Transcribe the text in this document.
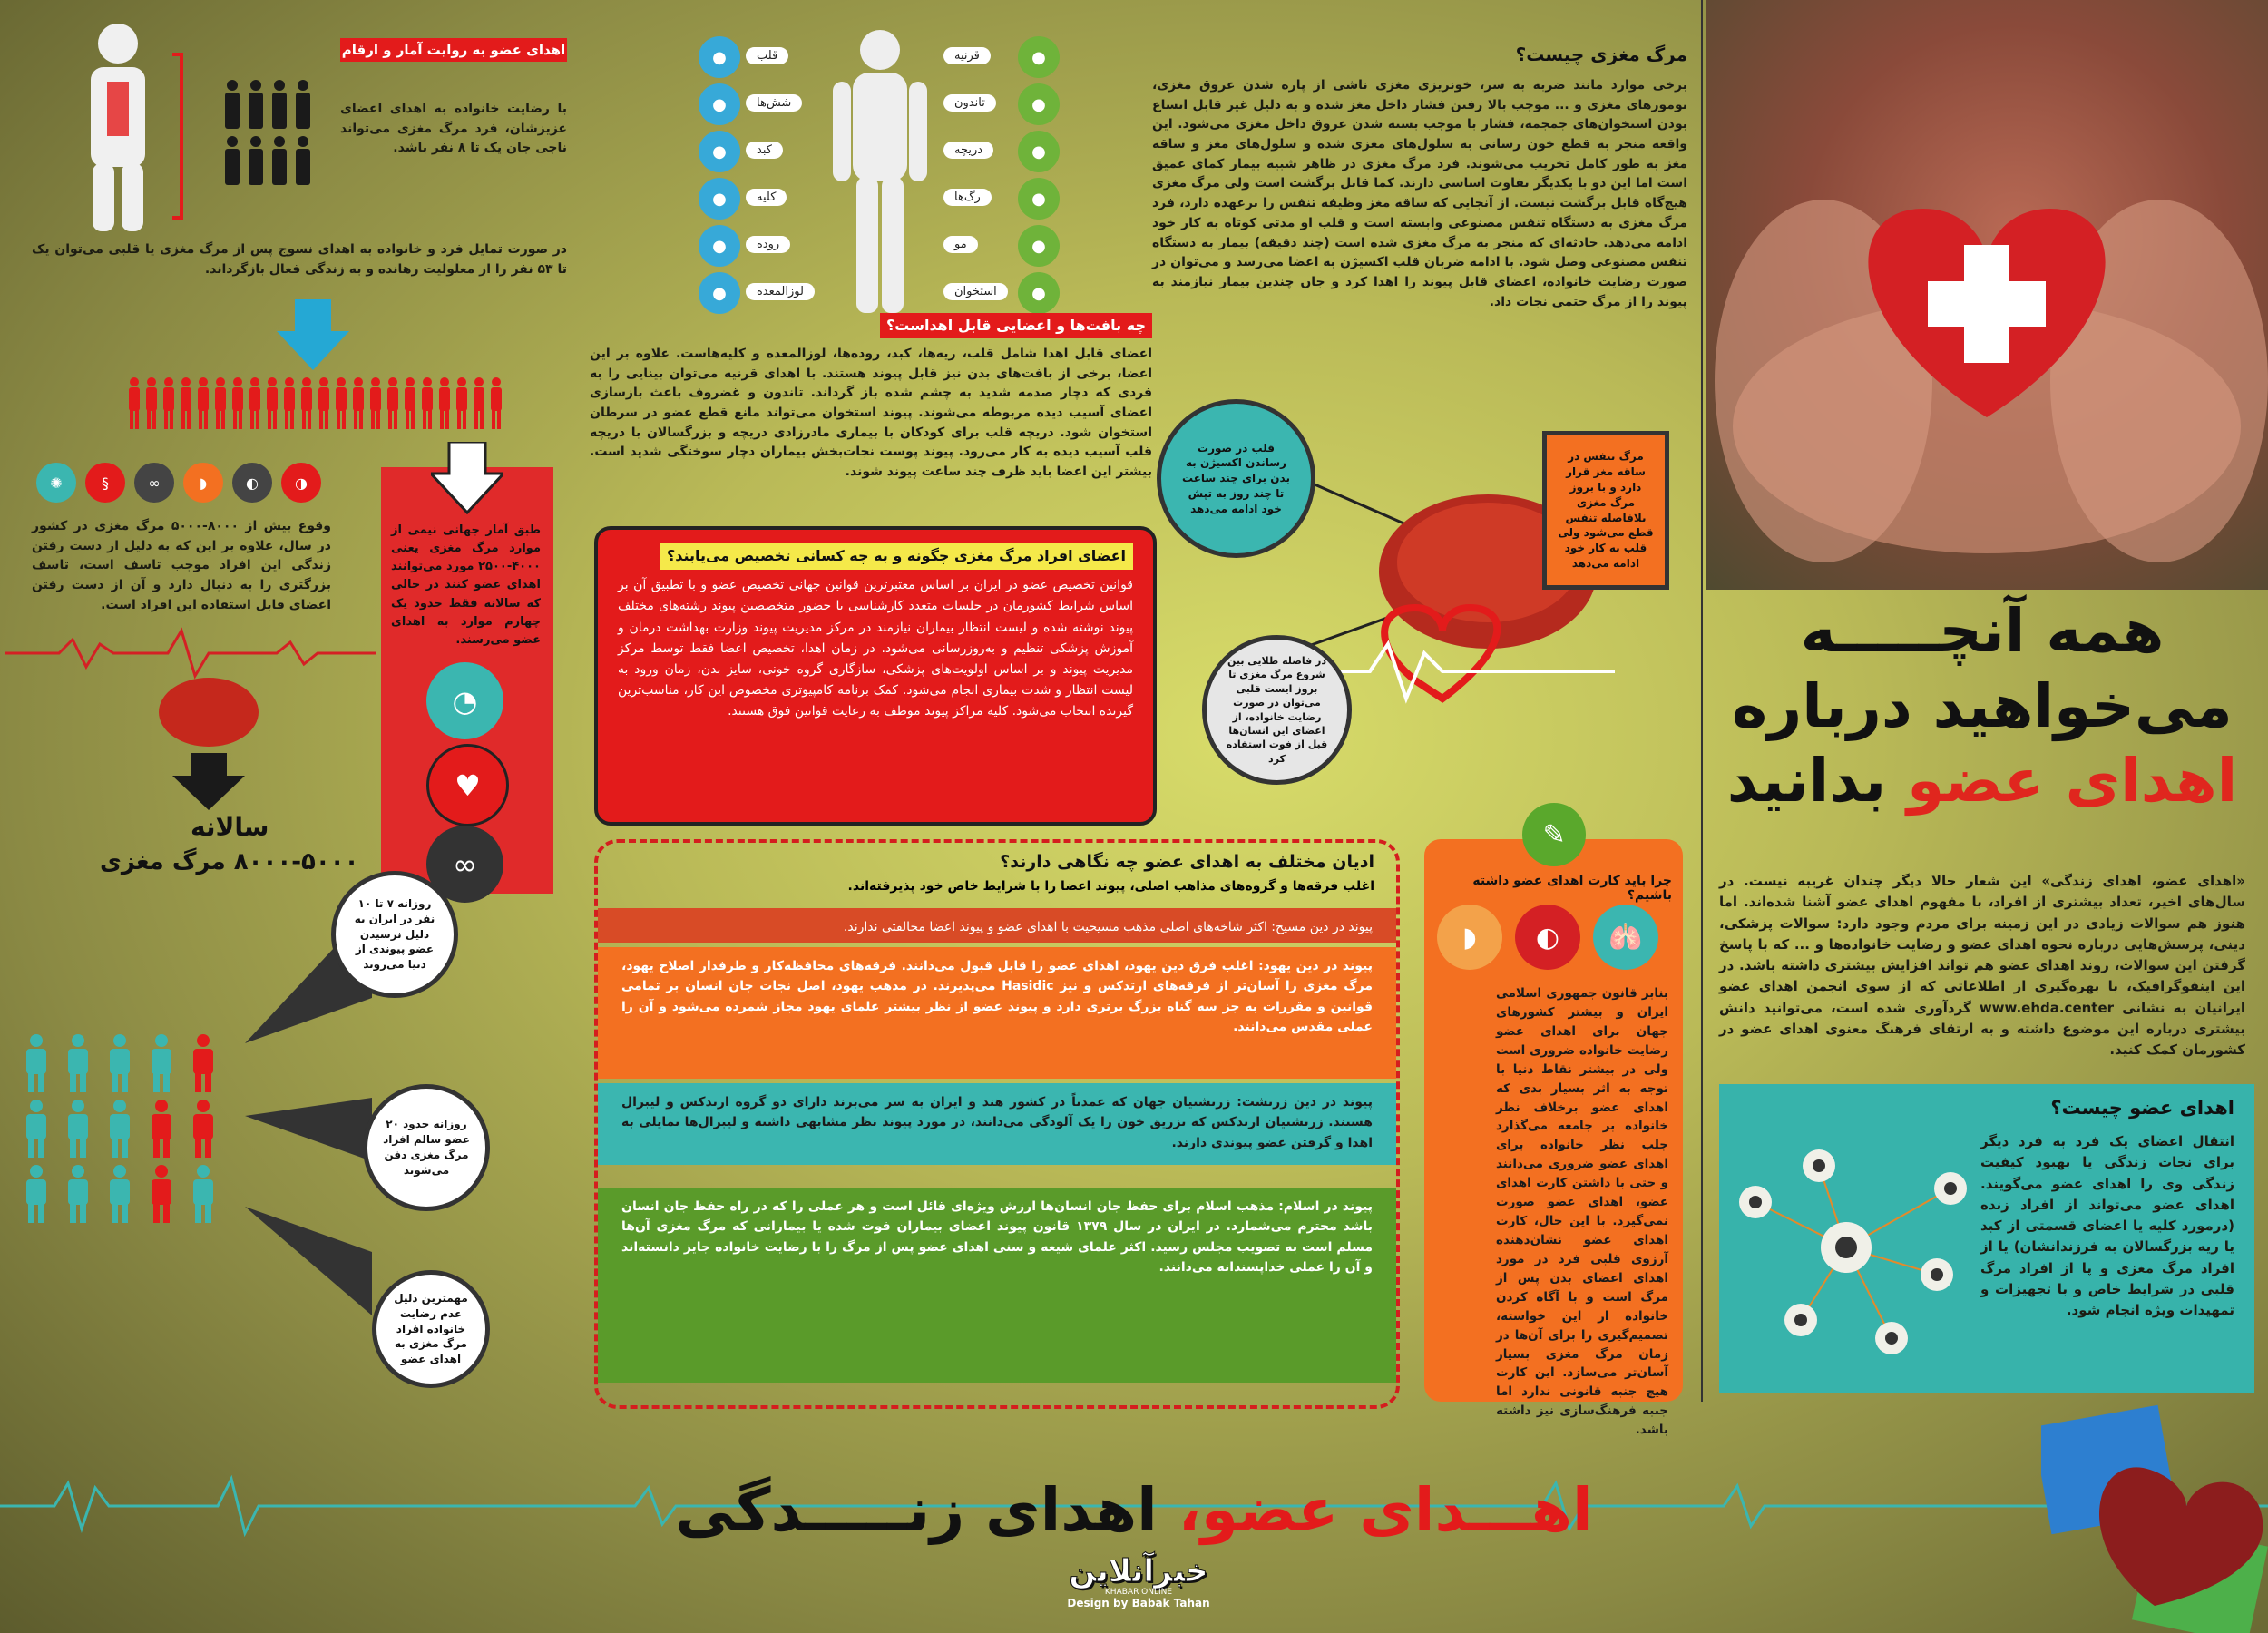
همه آنچـــــه
می‌خواهید درباره
اهدای عضو بدانید
«اهدای عضو، اهدای زندگی» این شعار حالا دیگر چندان غریبه نیست. در سال‌های اخیر، تعداد بیشتری از افراد، با مفهوم اهدای عضو آشنا شده‌اند. اما هنوز هم سوالات زیادی در این زمینه برای مردم وجود دارد: سوالات پزشکی، دینی، پرسش‌هایی درباره نحوه اهدای عضو و رضایت خانواده‌ها و ... که با پاسخ گرفتن این سوالات، روند اهدای عضو هم تواند افزایش بیشتری داشته باشد. در این اینفوگرافیک، با بهره‌گیری از اطلاعاتی که از سوی انجمن اهدای عضو ایرانیان به نشانی www.ehda.center گردآوری شده است، می‌توانید دانش بیشتری درباره این موضوع داشته و به ارتقای فرهنگ معنوی اهدای عضو در کشورمان کمک کنید.
اهدای عضو چیست؟
انتقال اعضای یک فرد به فرد دیگر برای نجات زندگی یا بهبود کیفیت زندگی وی را اهدای عضو می‌گویند. اهدای عضو می‌تواند از افراد زنده (درمورد کلیه یا اعضای قسمتی از کبد یا ریه بزرگسالان به فرزندانشان) یا از افراد مرگ مغزی و پا از افراد مرگ قلبی در شرایط خاص و با تجهیزات و تمهیدات ویژه انجام شود.
مرگ مغزی چیست؟
برخی موارد مانند ضربه به سر، خونریزی مغزی ناشی از پاره شدن عروق مغزی، تومورهای مغزی و ... موجب بالا رفتن فشار داخل مغز شده و به دلیل غیر قابل اتساع بودن استخوان‌های جمجمه، فشار با موجب بسته شدن عروق داخل مغزی می‌شود. این واقعه منجر به قطع خون رسانی به سلول‌های مغزی شده و سلول‌های مغز و ساقه مغز به طور کامل تخریب می‌شوند. فرد مرگ مغزی در ظاهر شبیه بیمار کمای عمیق است اما این دو با یکدیگر تفاوت اساسی دارند. کما قابل برگشت است ولی مرگ مغزی هیچ‌گاه قابل برگشت نیست. از آنجایی که ساقه مغز وظیفه تنفس را برعهده دارد، فرد مرگ مغزی به دستگاه تنفس مصنوعی وابسته است و قلب او مدتی کوتاه به کار خود ادامه می‌دهد. حادثه‌ای که منجر به مرگ مغزی شده است (چند دقیقه) بیمار به دستگاه تنفس مصنوعی وصل شود. با ادامه ضربان قلب اکسیژن به اعضا می‌رسد و می‌توان در صورت رضایت خانواده، اعضای قابل پیوند را اهدا کرد و جان چندین بیمار نیازمند به پیوند را از مرگ حتمی نجات داد.
●	قلب
●	شش‌ها
●	کبد
●	کلیه
●	روده
●	لوزالمعده
●
قرنیه
●
تاندون
●
دریچه
●
رگ‌ها
●
مو
●
استخوان
چه بافت‌ها و اعضایی قابل اهداست؟
اعضای قابل اهدا شامل قلب، ریه‌ها، کبد، روده‌ها، لوزالمعده و کلیه‌هاست. علاوه بر این اعضا، برخی از بافت‌های بدن نیز قابل پیوند هستند. با اهدای قرنیه می‌توان بینایی را به فردی که دچار صدمه شدید به چشم شده باز گرداند. تاندون و غضروف باعث بازسازی اعضای آسیب دیده مربوطه می‌شوند. پیوند استخوان می‌تواند مانع قطع عضو در سرطان استخوان شود. دریچه قلب برای کودکان با بیماری مادرزادی دریچه و بزرگسالان با دریچه قلب آسیب دیده به کار می‌رود. پیوند پوست نجات‌بخش بیماران دچار سوختگی شدید است. بیشتر این اعضا باید ظرف چند ساعت پیوند شوند.
اعضای افراد مرگ مغزی چگونه و به چه کسانی تخصیص می‌یابند؟
قوانین تخصیص عضو در ایران بر اساس معتبرترین قوانین جهانی تخصیص عضو و با تطبیق آن بر اساس شرایط کشورمان در جلسات متعدد کارشناسی با حضور متخصصین پیوند رشته‌های مختلف پیوند نوشته شده و لیست انتظار بیماران نیازمند در مرکز مدیریت پیوند وزارت بهداشت درمان و آموزش پزشکی تنظیم و به‌روزرسانی می‌شود. در زمان اهدا، تخصیص اعضا فقط توسط مرکز مدیریت پیوند و بر اساس اولویت‌های پزشکی، سازگاری گروه خونی، سایز بدن، زمان ورود به لیست انتظار و شدت بیماری انجام می‌شود. کمک برنامه کامپیوتری مخصوص این کار، مناسب‌ترین گیرنده انتخاب می‌شود. کلیه مراکز پیوند موظف به رعایت قوانین فوق هستند.
ادیان مختلف به اهدای عضو چه نگاهی دارند؟
اغلب فرقه‌ها و گروه‌های مذاهب اصلی، پیوند اعضا را با شرایط خاص خود پذیرفته‌اند.
پیوند در دین مسیح: اکثر شاخه‌های اصلی مذهب مسیحیت با اهدای عضو و پیوند اعضا مخالفتی ندارند.
پیوند در دین یهود: اغلب فرق دین یهود، اهدای عضو را قابل قبول می‌دانند. فرقه‌های محافظه‌کار و طرفدار اصلاح یهود، مرگ مغزی را آسان‌تر از فرقه‌های ارتدکس و نیز Hasidic می‌پذیرند. در مذهب یهود، اصل نجات جان انسان بر تمامی قوانین و مقررات به جز سه گناه بزرگ برتری دارد و پیوند عضو از نظر بیشتر علمای یهود مجاز شمرده می‌شود و آن را عملی مقدس می‌دانند.
پیوند در دین زرتشت: زرتشتیان جهان که عمدتاً در کشور هند و ایران به سر می‌برند دارای دو گروه ارتدکس و لیبرال هستند. زرتشتیان ارتدکس که تزریق خون را یک آلودگی می‌دانند، در مورد پیوند نظر مشابهی داشته و لیبرال‌ها تمایلی به اهدا و گرفتن عضو پیوندی دارند.
پیوند در اسلام: مذهب اسلام برای حفظ جان انسان‌ها ارزش ویژه‌ای قائل است و هر عملی را که در راه حفظ جان انسان باشد محترم می‌شمارد. در ایران در سال ۱۳۷۹ قانون پیوند اعضای بیماران فوت شده یا بیمارانی که مرگ مغزی آن‌ها مسلم است به تصویب مجلس رسید. اکثر علمای شیعه و سنی اهدای عضو پس از مرگ را با رضایت خانواده جایز دانسته‌اند و آن را عملی خداپسندانه می‌دانند.
قلب در صورت رساندن اکسیژن به بدن برای چند ساعت تا چند روز به تپش خود ادامه می‌دهد
مرگ تنفس در ساقه مغز قرار دارد و با بروز مرگ مغزی بلافاصله تنفس قطع می‌شود ولی قلب به کار خود ادامه می‌دهد
در فاصله طلایی بین شروع مرگ مغزی تا بروز ایست قلبی می‌توان در صورت رضایت خانواده، از اعضای این انسان‌ها قبل از فوت استفاده کرد
✎
چرا باید کارت اهدای عضو داشته باشیم؟
🫁
◐
◗
بنابر قانون جمهوری اسلامی ایران و بیشتر کشورهای جهان برای اهدای عضو رضایت خانواده ضروری است ولی در بیشتر نقاط دنیا با توجه به اثر بسیار بدی که اهدای عضو برخلاف نظر خانواده بر جامعه می‌گذارد جلب نظر خانواده برای اهدای عضو ضروری می‌دانند و حتی با داشتن کارت اهدای عضو، اهدای عضو صورت نمی‌گیرد. با این حال، کارت اهدای عضو نشان‌دهنده آرزوی قلبی فرد در مورد اهدای اعضای بدن پس از مرگ است و با آگاه کردن خانواده از این خواسته، تصمیم‌گیری را برای آن‌ها در زمان مرگ مغزی بسیار آسان‌تر می‌سازد. این کارت هیچ جنبه قانونی ندارد اما جنبه فرهنگ‌سازی نیز داشته باشد.
اهدای عضو به روایت آمار و ارقام
با رضایت خانواده به اهدای اعضای عزیزشان، فرد مرگ مغزی می‌تواند ناجی جان یک تا ۸ نفر باشد.
در صورت تمایل فرد و خانواده به اهدای نسوج پس از مرگ مغزی یا قلبی می‌توان یک تا ۵۳ نفر را از معلولیت رهانده و به زندگی فعال بازگرداند.
◑
◐
◗
∞
§
✺
وقوع بیش از ۸۰۰۰-۵۰۰۰ مرگ مغزی در کشور در سال، علاوه بر این که به دلیل از دست رفتن زندگی این افراد موجب تاسف است، تاسف بزرگتری را به دنبال دارد و آن از دست رفتن اعضای قابل استفاده این افراد است.
طبق آمار جهانی نیمی از موارد مرگ مغزی یعنی ۴۰۰۰-۲۵۰۰ مورد می‌توانند اهدای عضو کنند در حالی که سالانه فقط حدود یک چهارم موارد به اهدای عضو می‌رسند.
◔
♥
∞
سالانه
۸۰۰۰-۵۰۰۰ مرگ مغزی
روزانه ۷ تا ۱۰ نفر در ایران به دلیل نرسیدن عضو پیوندی از دنیا می‌روند
روزانه حدود ۲۰ عضو سالم افراد مرگ مغزی دفن می‌شوند
مهمترین دلیل عدم رضایت خانواده افراد مرگ مغزی به اهدای عضو
اهـــدای عضو، اهدای زنـــــدگی
خبرآنلاین
KHABAR ONLINE
Design by Babak Tahan
